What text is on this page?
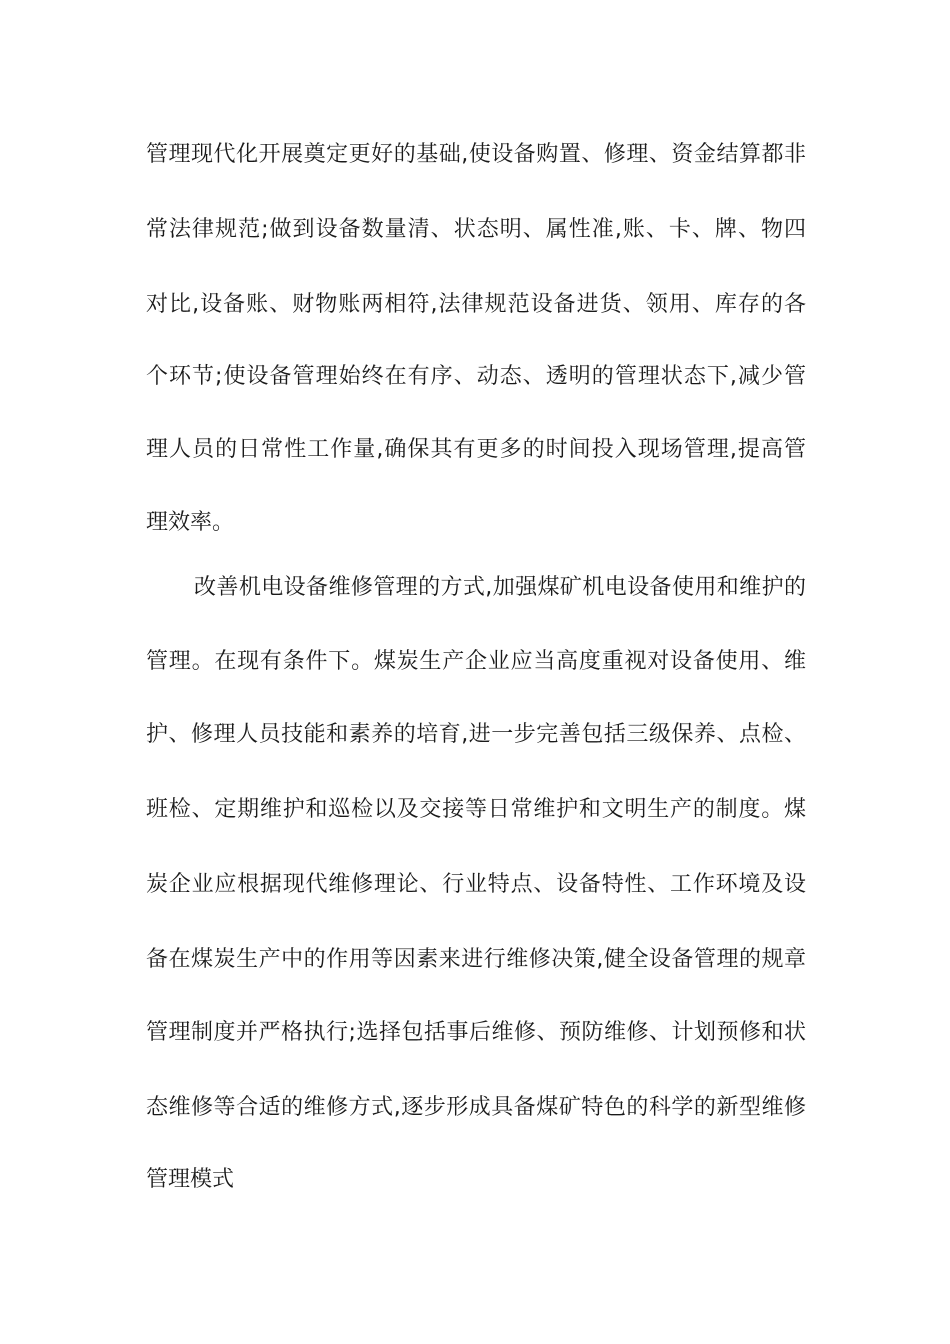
管理现代化开展奠定更好的基础,使设备购置、修理、资金结算都非
常法律规范;做到设备数量清、状态明、属性准,账、卡、牌、物四
对比,设备账、财物账两相符,法律规范设备进货、领用、库存的各
个环节;使设备管理始终在有序、动态、透明的管理状态下,减少管
理人员的日常性工作量,确保其有更多的时间投入现场管理,提高管
理效率。
改善机电设备维修管理的方式,加强煤矿机电设备使用和维护的
管理。在现有条件下。煤炭生产企业应当高度重视对设备使用、维
护、修理人员技能和素养的培育,进一步完善包括三级保养、点检、
班检、定期维护和巡检以及交接等日常维护和文明生产的制度。煤
炭企业应根据现代维修理论、行业特点、设备特性、工作环境及设
备在煤炭生产中的作用等因素来进行维修决策,健全设备管理的规章
管理制度并严格执行;选择包括事后维修、预防维修、计划预修和状
态维修等合适的维修方式,逐步形成具备煤矿特色的科学的新型维修
管理模式
